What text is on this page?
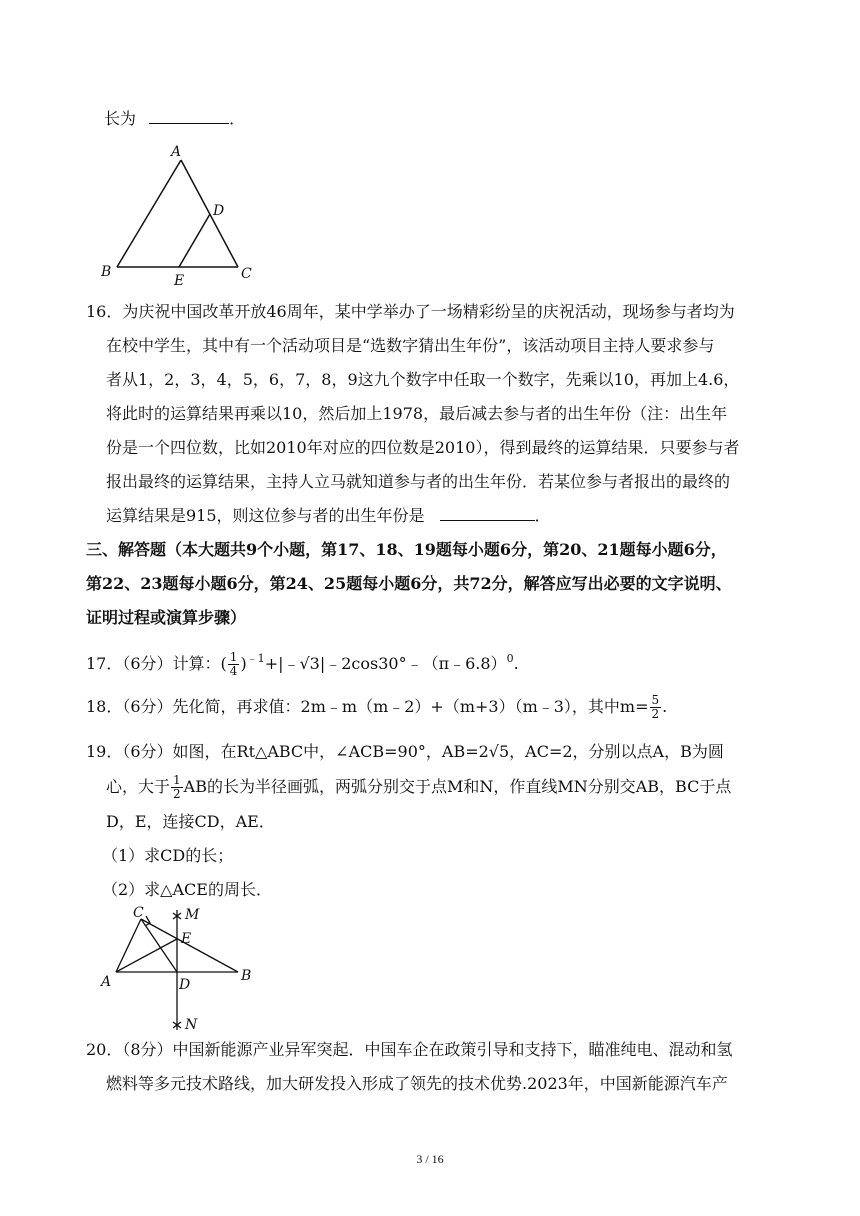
长为	．
A
D
B
E	C
16．为庆祝中国改革开放46周年，某中学举办了一场精彩纷呈的庆祝活动，现场参与者均为
在校中学生，其中有一个活动项目是“选数字猜出生年份”，该活动项目主持人要求参与
者从1，2，3，4，5，6，7，8，9这九个数字中任取一个数字，先乘以10，再加上4.6，
将此时的运算结果再乘以10，然后加上1978，最后减去参与者的出生年份（注：出生年
份是一个四位数，比如2010年对应的四位数是2010），得到最终的运算结果．只要参与者
报出最终的运算结果，主持人立马就知道参与者的出生年份．若某位参与者报出的最终的
运算结果是915，则这位参与者的出生年份是	．
三、解答题（本大题共9个小题，第17、18、19题每小题6分，第20、21题每小题6分，
第22、23题每小题6分，第24、25题每小题6分，共72分，解答应写出必要的文字说明、
证明过程或演算步骤）
17．（6分）计算：( $\frac{1}{4}$ )$^{﹣1}$+|﹣√3|﹣2cos30°﹣（π﹣6.8）$^0$.
18．（6分）先化简，再求值：2m﹣m（m﹣2）+（m+3）（m﹣3），其中$m= \frac{5}{2}$ .
19．（6分）如图，在Rt△ABC中，∠ACB=90°，AB=2√5，AC=2，分别以点A，B为圆
心，大于 $\frac{1}{2}$ AB的长为半径画弧，两弧分别交于点M和N，作直线MN分别交AB，BC于点
D，E，连接CD，AE．
（1）求CD的长；
（2）求△ACE的周长．
C	M
E
A	D
B
N
20．（8分）中国新能源产业异军突起．中国车企在政策引导和支持下，瞄准纯电、混动和氢
燃料等多元技术路线，加大研发投入形成了领先的技术优势.2023年，中国新能源汽车产
3 / 16
